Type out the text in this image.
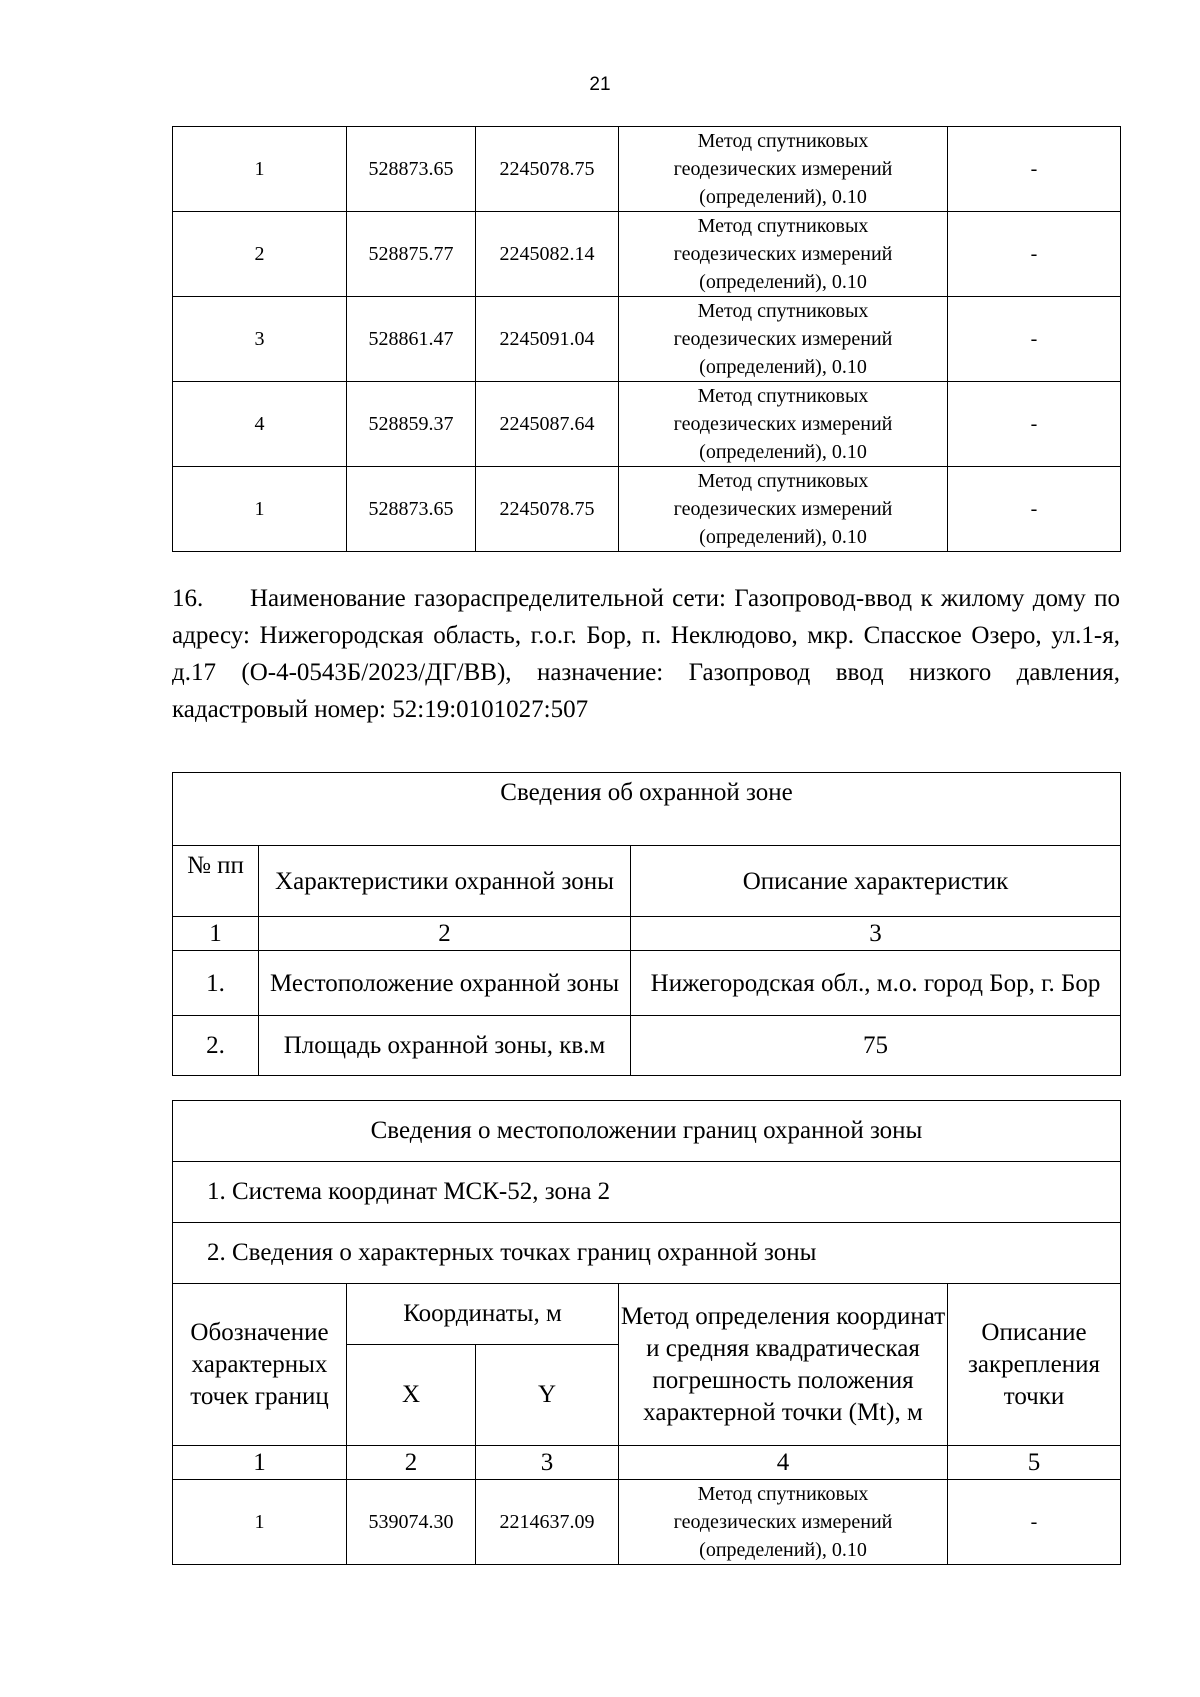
21
1	528873.65	2245078.75	Метод спутниковых
геодезических измерений
(определений), 0.10	-
2	528875.77	2245082.14	Метод спутниковых
геодезических измерений
(определений), 0.10	-
3	528861.47	2245091.04	Метод спутниковых
геодезических измерений
(определений), 0.10	-
4	528859.37	2245087.64	Метод спутниковых
геодезических измерений
(определений), 0.10	-
1	528873.65	2245078.75	Метод спутниковых
геодезических измерений
(определений), 0.10	-
16. Наименование газораспределительной сети: Газопровод-ввод к жилому дому по адресу: Нижегородская область, г.о.г. Бор, п. Неклюдово, мкр. Спасское Озеро, ул.1-я, д.17 (О-4-0543Б/2023/ДГ/ВВ), назначение: Газопровод ввод низкого давления, кадастровый номер: 52:19:0101027:507
Сведения об охранной зоне		
№ пп	Характеристики охранной зоны	Описание характеристик
1	2	3
1.	Местоположение охранной зоны	Нижегородская обл., м.о. город Бор, г. Бор
2.	Площадь охранной зоны, кв.м	75
Сведения о местоположении границ охранной зоны				
1. Система координат МСК-52, зона 2				
2. Сведения о характерных точках границ охранной зоны				
Обозначение характерных точек границ	Координаты, м		Метод определения координат и средняя квадратическая погрешность положения характерной точки (Mt), м	Описание закрепления точки
	X	Y		
1	2	3	4	5
1	539074.30	2214637.09	Метод спутниковых
геодезических измерений
(определений), 0.10	-
